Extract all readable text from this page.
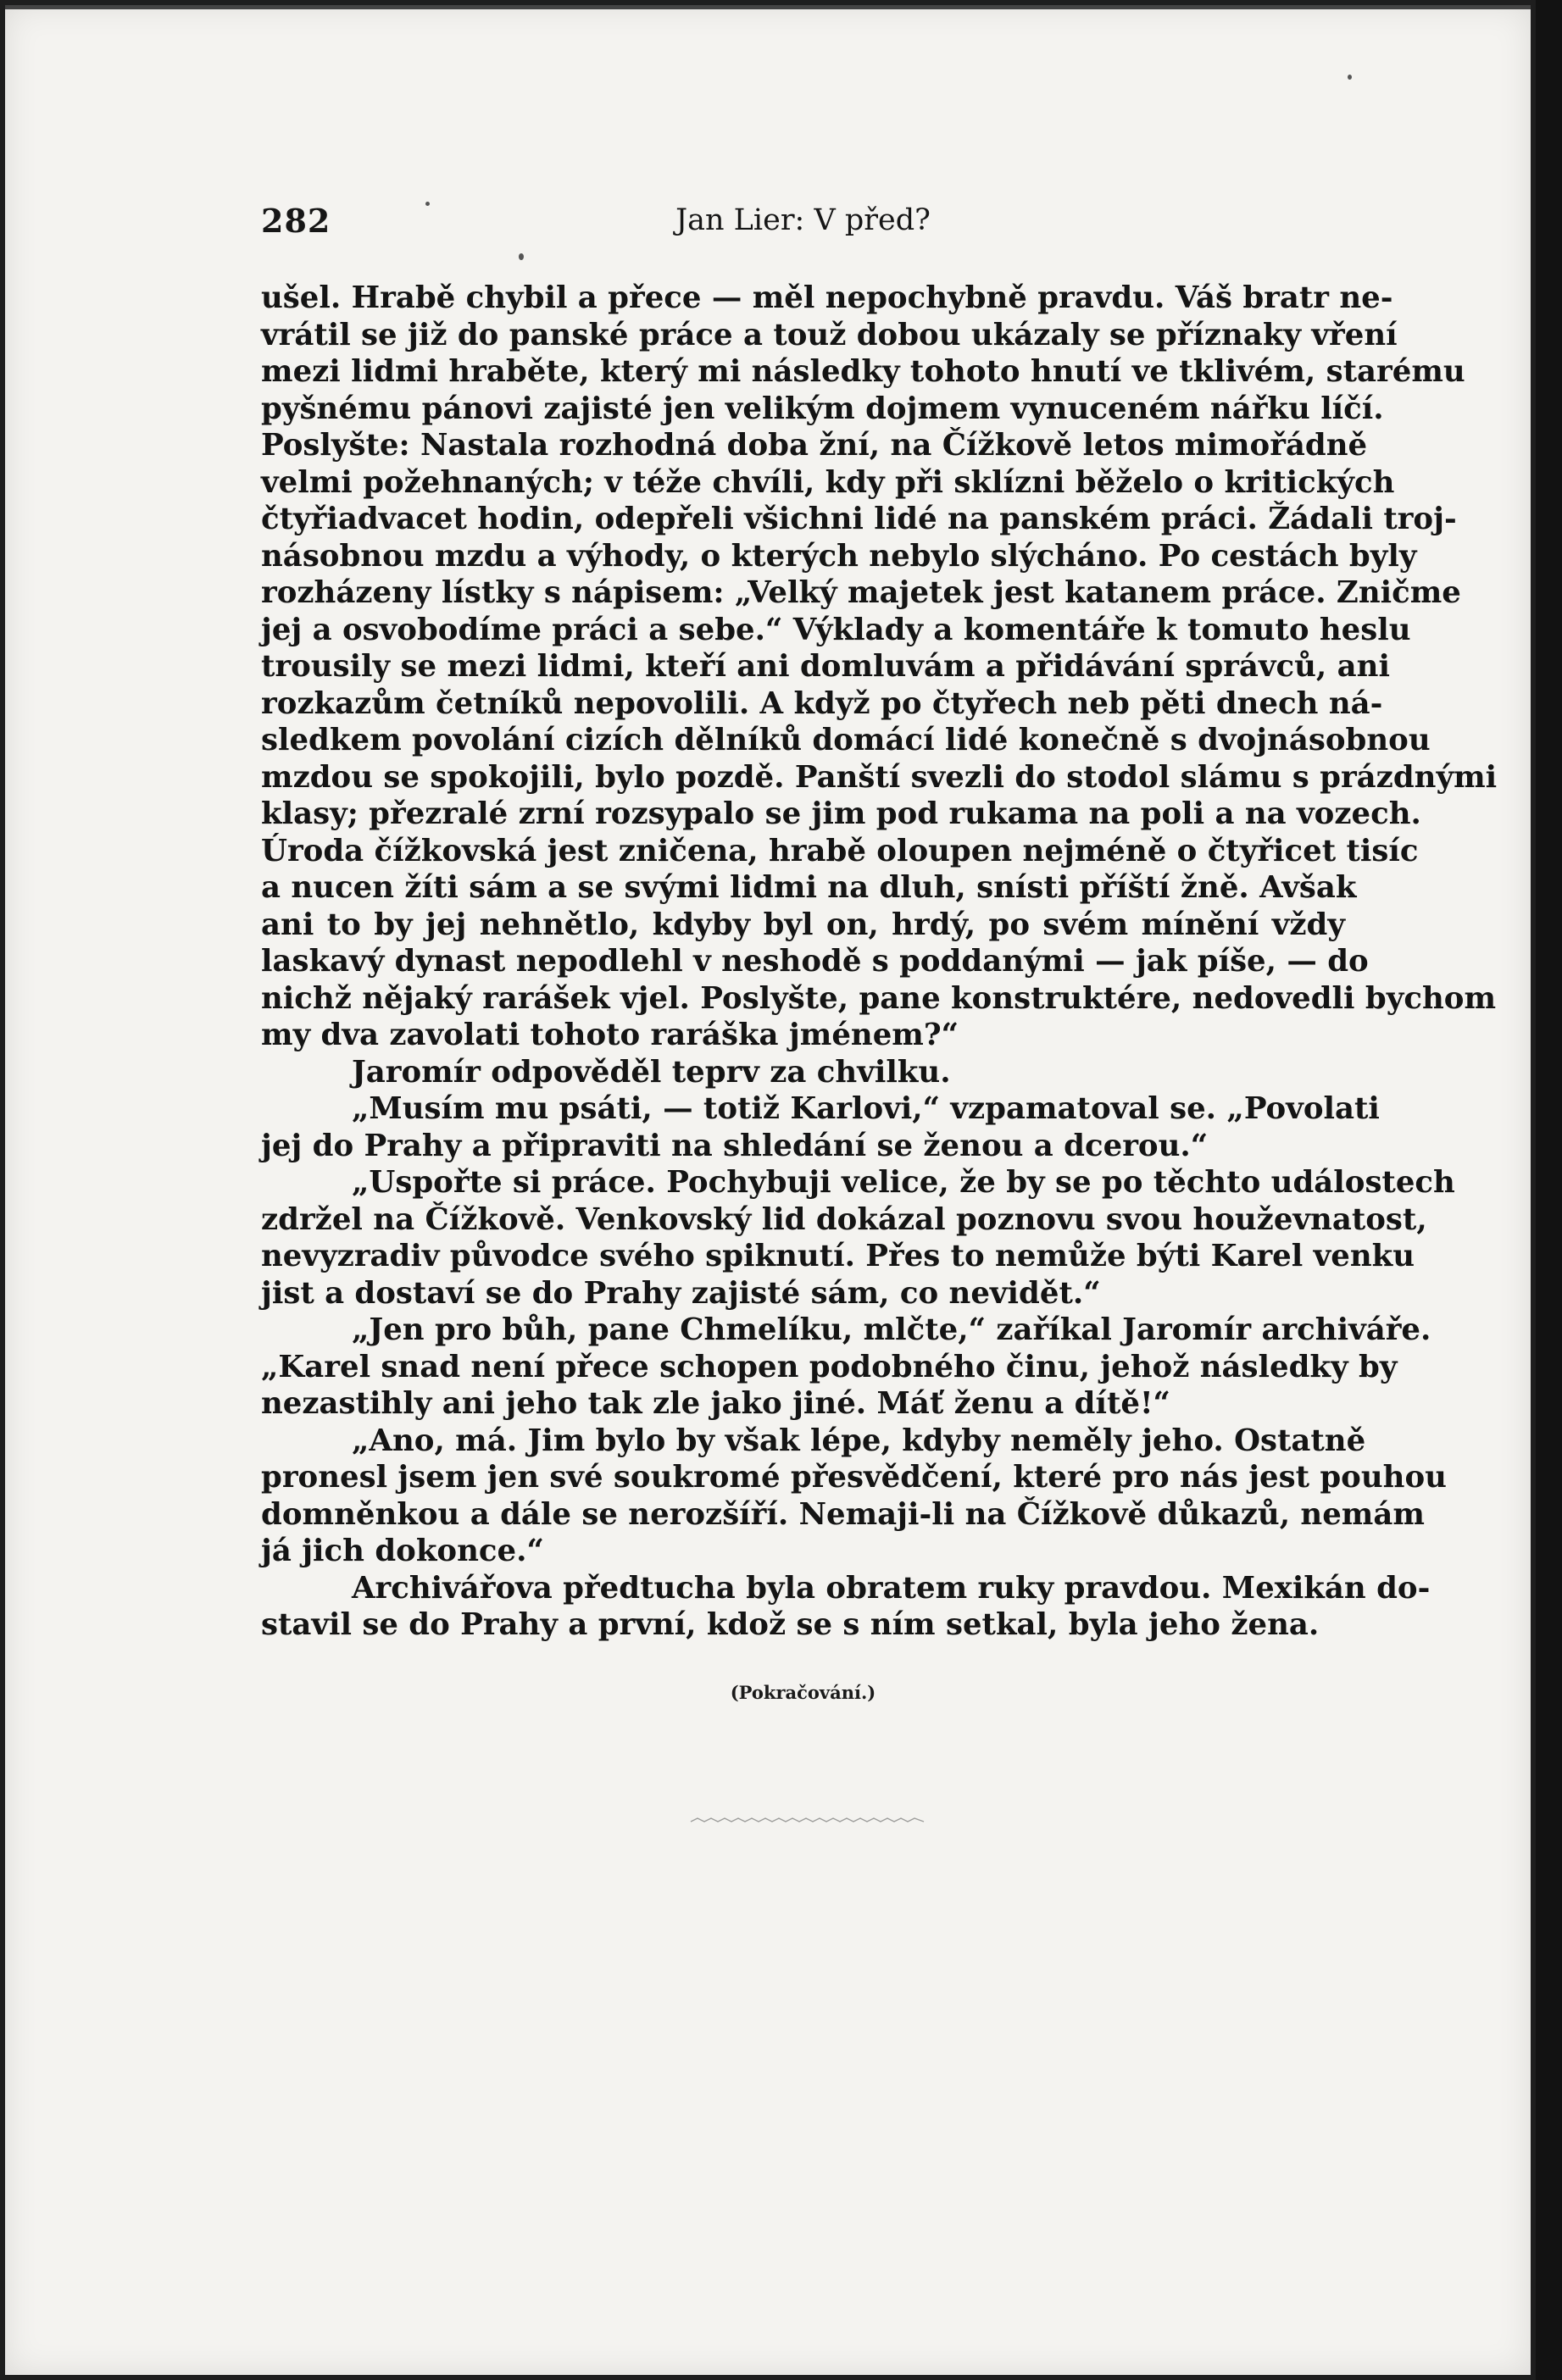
282	Jan Lier: V před?
ušel. Hrabě chybil a přece — měl nepochybně pravdu. Váš bratr ne-
vrátil se již do panské práce a touž dobou ukázaly se příznaky vření
mezi lidmi hraběte, který mi následky tohoto hnutí ve tklivém, starému
pyšnému pánovi zajisté jen velikým dojmem vynuceném nářku líčí.
Poslyšte: Nastala rozhodná doba žní, na Čížkově letos mimořádně
velmi požehnaných; v téže chvíli, kdy při sklízni běželo o kritických
čtyřiadvacet hodin, odepřeli všichni lidé na panském práci. Žádali troj-
násobnou mzdu a výhody, o kterých nebylo slýcháno. Po cestách byly
rozházeny lístky s nápisem: „Velký majetek jest katanem práce. Zničme
jej a osvobodíme práci a sebe.“ Výklady a komentáře k tomuto heslu
trousily se mezi lidmi, kteří ani domluvám a přidávání správců, ani
rozkazům četníků nepovolili. A když po čtyřech neb pěti dnech ná-
sledkem povolání cizích dělníků domácí lidé konečně s dvojnásobnou
mzdou se spokojili, bylo pozdě. Panští svezli do stodol slámu s prázdnými
klasy; přezralé zrní rozsypalo se jim pod rukama na poli a na vozech.
Úroda čížkovská jest zničena, hrabě oloupen nejméně o čtyřicet tisíc
a nucen žíti sám a se svými lidmi na dluh, snísti příští žně. Avšak
ani to by jej nehnětlo, kdyby byl on, hrdý, po svém mínění vždy
laskavý dynast nepodlehl v neshodě s poddanými — jak píše, — do
nichž nějaký rarášek vjel. Poslyšte, pane konstruktére, nedovedli bychom
my dva zavolati tohoto raráška jménem?“
Jaromír odpověděl teprv za chvilku.
„Musím mu psáti, — totiž Karlovi,“ vzpamatoval se. „Povolati
jej do Prahy a připraviti na shledání se ženou a dcerou.“
„Uspořte si práce. Pochybuji velice, že by se po těchto událostech
zdržel na Čížkově. Venkovský lid dokázal poznovu svou houževnatost,
nevyzradiv původce svého spiknutí. Přes to nemůže býti Karel venku
jist a dostaví se do Prahy zajisté sám, co nevidět.“
„Jen pro bůh, pane Chmelíku, mlčte,“ zaříkal Jaromír archiváře.
„Karel snad není přece schopen podobného činu, jehož následky by
nezastihly ani jeho tak zle jako jiné. Máť ženu a dítě!“
„Ano, má. Jim bylo by však lépe, kdyby neměly jeho. Ostatně
pronesl jsem jen své soukromé přesvědčení, které pro nás jest pouhou
domněnkou a dále se nerozšíří. Nemaji-li na Čížkově důkazů, nemám
já jich dokonce.“
Archivářova předtucha byla obratem ruky pravdou. Mexikán do-
stavil se do Prahy a první, kdož se s ním setkal, byla jeho žena.
(Pokračování.)
